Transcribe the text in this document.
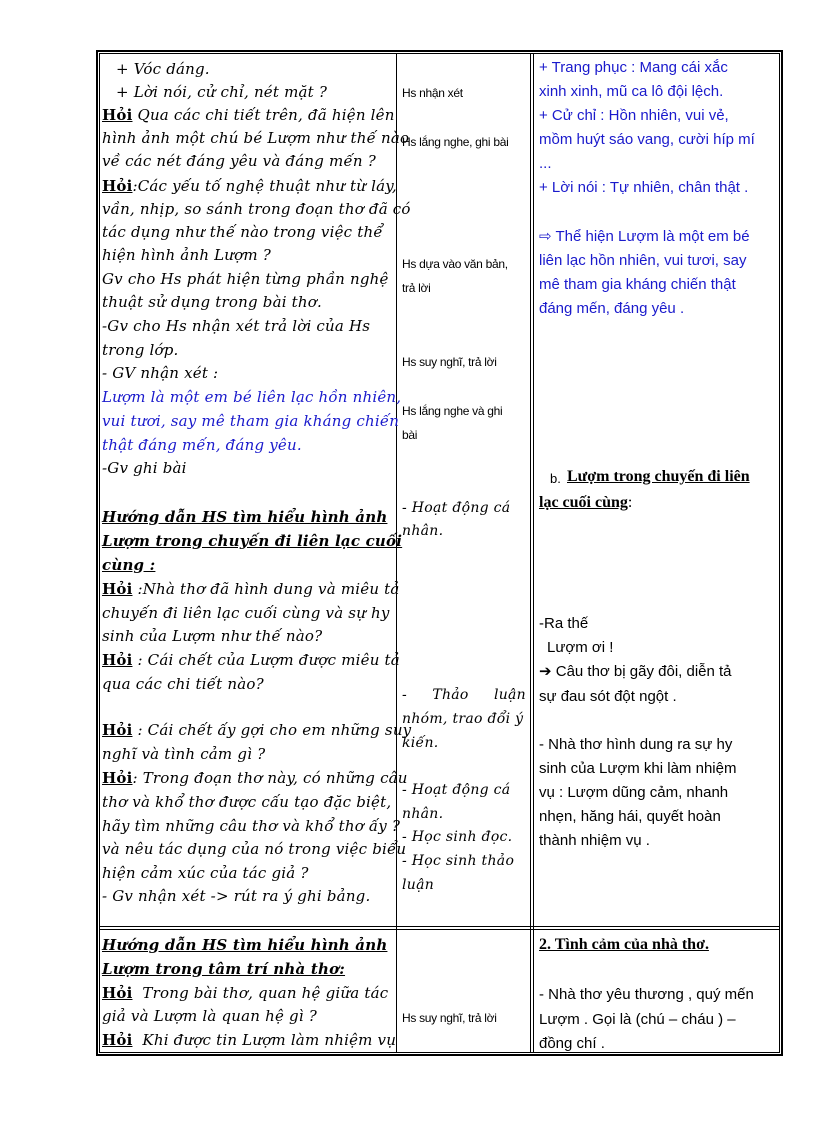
+ Vóc dáng.
+ Lời nói, cử chỉ, nét mặt ?
Hỏi Qua các chi tiết trên, đã hiện lên
hình ảnh một chú bé Lượm như thế nào
về các nét đáng yêu và đáng mến ?
Hỏi:Các yếu tố nghệ thuật như từ láy,
vần, nhịp, so sánh trong đoạn thơ đã có
tác dụng như thế nào trong việc thể
hiện hình ảnh Lượm ?
Gv cho Hs phát hiện từng phần nghệ
thuật sử dụng trong bài thơ.
-Gv cho Hs nhận xét trả lời của Hs
trong lớp.
- GV nhận xét :
Lượm là một em bé liên lạc hồn nhiên,
vui tươi, say mê tham gia kháng chiến
thật đáng mến, đáng yêu.
-Gv ghi bài
Hướng dẫn HS tìm hiểu hình ảnh
Lượm trong chuyến đi liên lạc cuối
cùng :
Hỏi :Nhà thơ đã hình dung và miêu tả
chuyến đi liên lạc cuối cùng và sự hy
sinh của Lượm như thế nào?
Hỏi : Cái chết của Lượm được miêu tả
qua các chi tiết nào?
Hỏi : Cái chết ấy gợi cho em những suy
nghĩ và tình cảm gì ?
Hỏi: Trong đoạn thơ này, có những câu
thơ và khổ thơ được cấu tạo đặc biệt,
hãy tìm những câu thơ và khổ thơ ấy ?
và nêu tác dụng của nó trong việc biểu
hiện cảm xúc của tác giả ?
- Gv nhận xét -> rút ra ý ghi bảng.
Hướng dẫn HS tìm hiểu hình ảnh
Lượm trong tâm trí nhà thơ:
Hỏi Trong bài thơ, quan hệ giữa tác
giả và Lượm là quan hệ gì ?
Hỏi Khi được tin Lượm làm nhiệm vụ
Hs nhận xét
Hs lắng nghe, ghi bài
Hs dựa vào văn bản,
trả lời
Hs suy nghĩ, trả lời
Hs lắng nghe và ghi
bài
- Hoạt động cá
nhân.
- Thảo luận
nhóm, trao đổi ý
kiến.
- Hoạt động cá
nhân.
- Học sinh đọc.
- Học sinh thảo
luận
Hs suy nghĩ, trả lời
+ Trang phục : Mang cái xắc
xinh xinh, mũ ca lô đội lệch.
+ Cử chỉ : Hồn nhiên, vui vẻ,
mồm huýt sáo vang, cười híp mí
...
+ Lời nói : Tự nhiên, chân thật .
⇨ Thể hiện Lượm là một em bé
liên lạc hồn nhiên, vui tươi, say
mê tham gia kháng chiến thật
đáng mến, đáng yêu .
b. Lượm trong chuyến đi liên
lạc cuối cùng:
-Ra thế
Lượm ơi !
➔ Câu thơ bị gãy đôi, diễn tả
sự đau sót đột ngột .
- Nhà thơ hình dung ra sự hy
sinh của Lượm khi làm nhiệm
vụ : Lượm dũng cảm, nhanh
nhẹn, hăng hái, quyết hoàn
thành nhiệm vụ .
2. Tình cảm của nhà thơ.
- Nhà thơ yêu thương , quý mến
Lượm . Gọi là (chú – cháu ) –
đồng chí .
